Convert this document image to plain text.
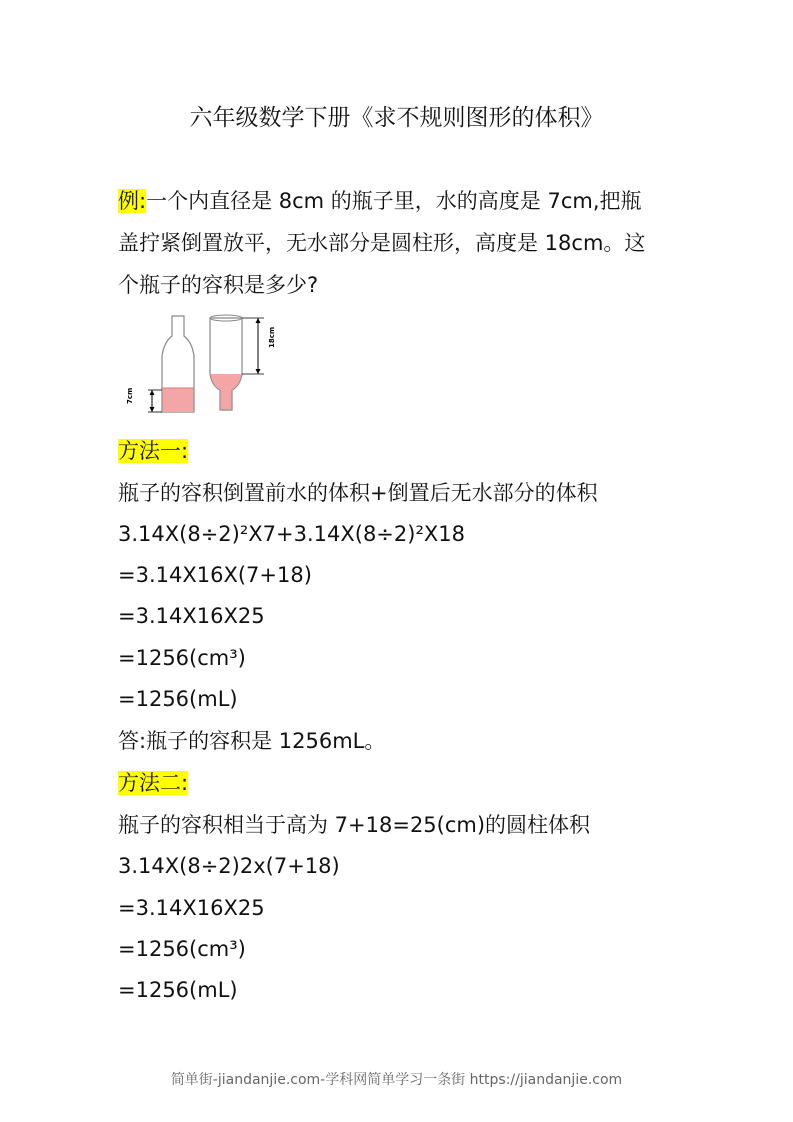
六年级数学下册《求不规则图形的体积》
例:一个内直径是 8cm 的瓶子里，水的高度是 7cm,把瓶
盖拧紧倒置放平，无水部分是圆柱形，高度是 18cm。这
个瓶子的容积是多少?
7cm
18cm
方法一:
瓶子的容积倒置前水的体积+倒置后无水部分的体积
3.14X(8÷2)²X7+3.14X(8÷2)²X18
=3.14X16X(7+18)
=3.14X16X25
=1256(cm³)
=1256(mL)
答:瓶子的容积是 1256mL。
方法二:
瓶子的容积相当于高为 7+18=25(cm)的圆柱体积
3.14X(8÷2)2x(7+18)
=3.14X16X25
=1256(cm³)
=1256(mL)
简单街-jiandanjie.com-学科网简单学习一条街 https://jiandanjie.com
